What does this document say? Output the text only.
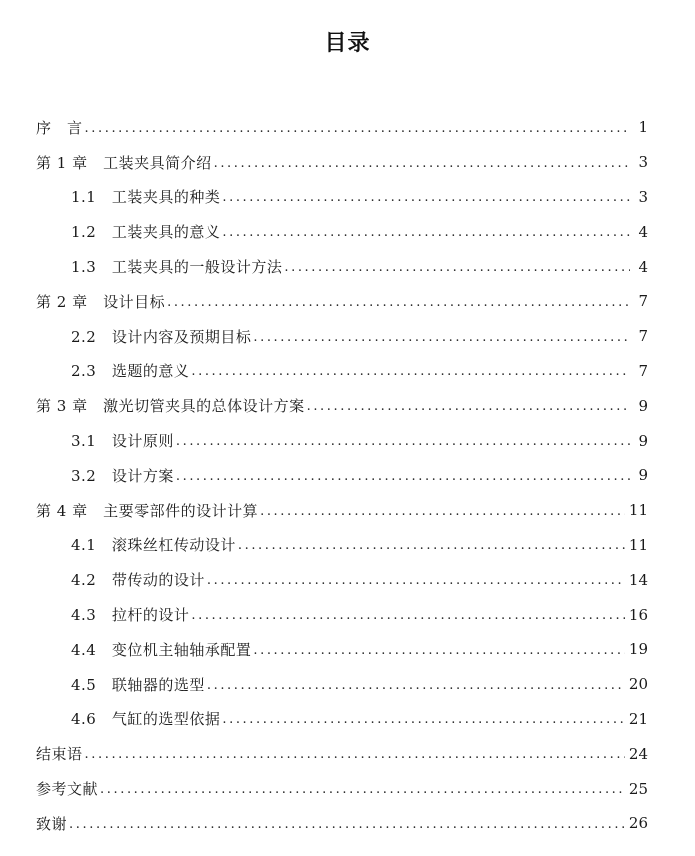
目录
序　言 .....	1
第 1 章　工装夹具简介绍 .....	3
1.1　工装夹具的种类 .....	3
1.2　工装夹具的意义 .....	4
1.3　工装夹具的一般设计方法 .....	4
第 2 章　设计目标 .....	7
2.2　设计内容及预期目标 .....	7
2.3　选题的意义 .....	7
第 3 章　激光切管夹具的总体设计方案 .....	9
3.1　设计原则 .....	9
3.2　设计方案 .....	9
第 4 章　主要零部件的设计计算 .....	11
4.1　滚珠丝杠传动设计 .....	11
4.2　带传动的设计 .....	14
4.3　拉杆的设计 .....	16
4.4　变位机主轴轴承配置 .....	19
4.5　联轴器的选型 .....	20
4.6　气缸的选型依据 .....	21
结束语 .....	24
参考文献 .....	25
致谢 .....	26
